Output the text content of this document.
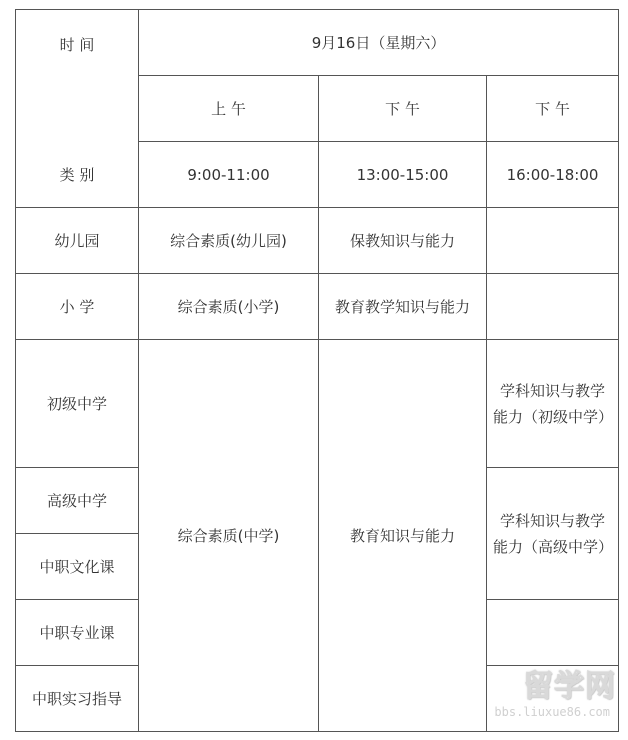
时 间
类 别	9月16日（星期六）		
	上 午	下 午	下 午
	9:00-11:00	13:00-15:00	16:00-18:00
幼儿园	综合素质(幼儿园)	保教知识与能力	
小 学	综合素质(小学)	教育教学知识与能力	
初级中学	综合素质(中学)	教育知识与能力	学科知识与教学能力（初级中学）
高级中学			学科知识与教学能力（高级中学）
中职文化课			
中职专业课			
中职实习指导				留学网
bbs.liuxue86.com
